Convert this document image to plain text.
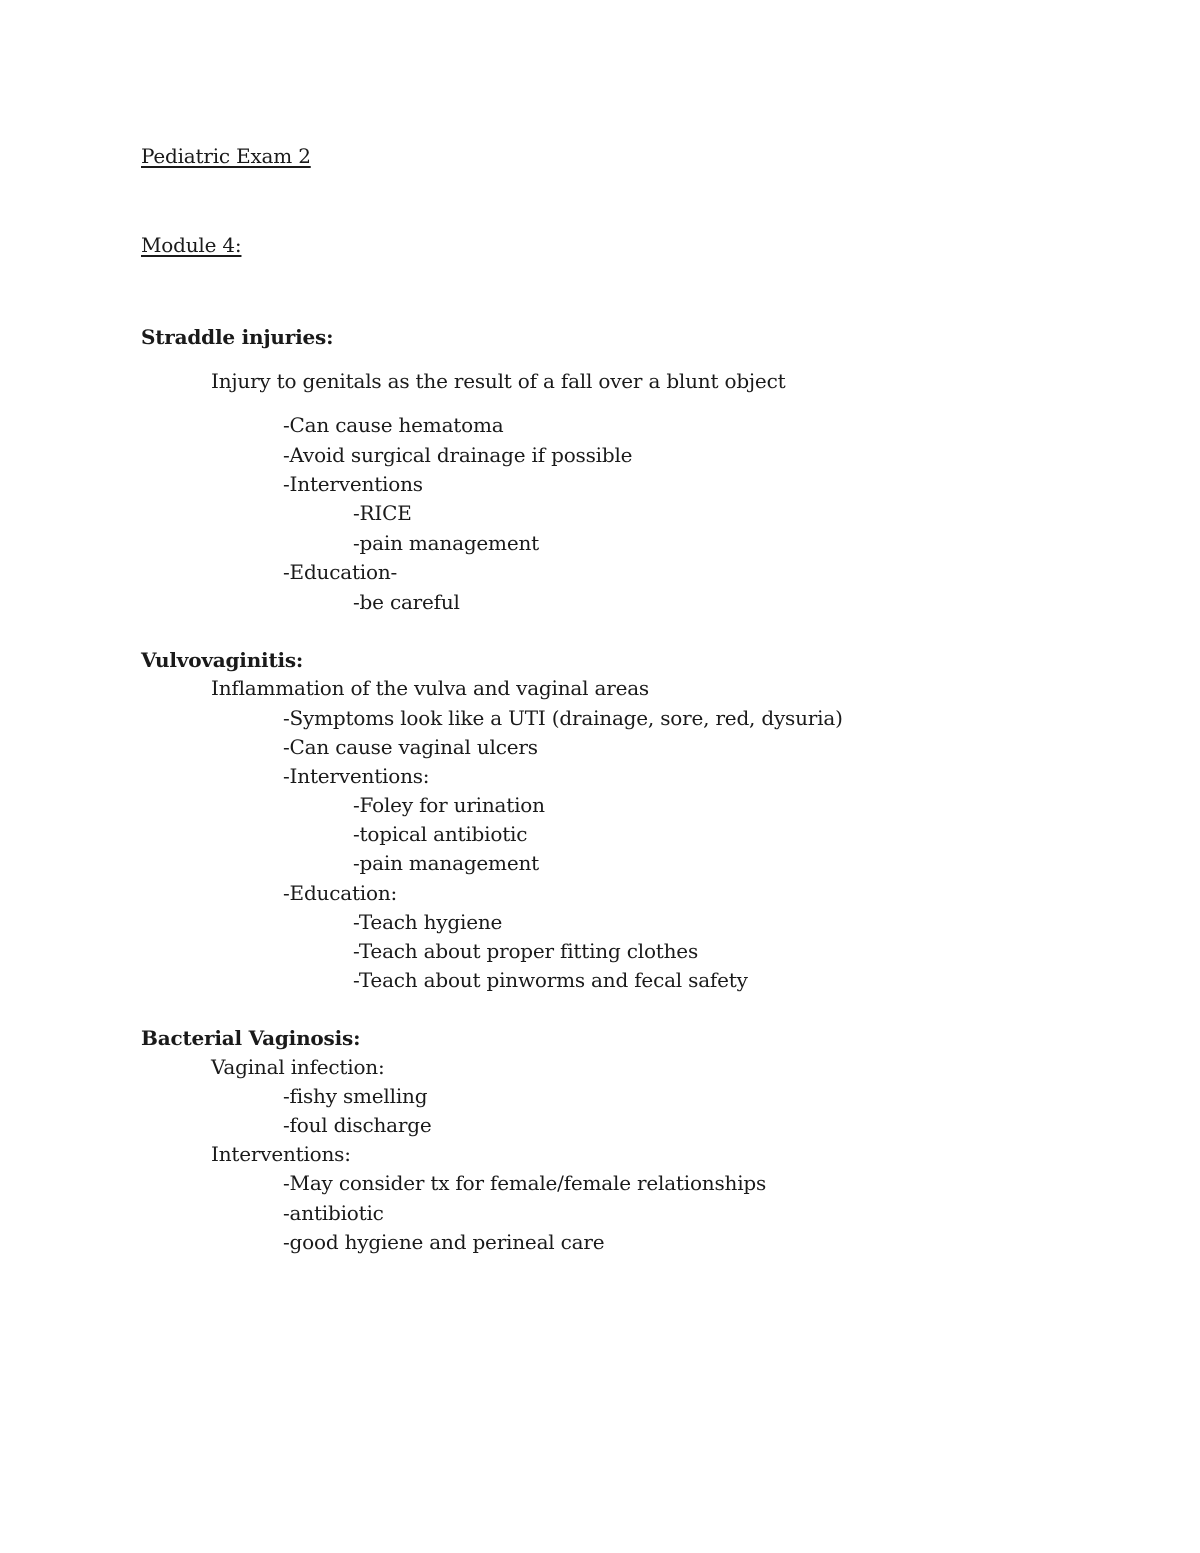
Pediatric Exam 2
Module 4:
Straddle injuries:
Injury to genitals as the result of a fall over a blunt object
-Can cause hematoma
-Avoid surgical drainage if possible
-Interventions
-RICE
-pain management
-Education-
-be careful
Vulvovaginitis:
Inflammation of the vulva and vaginal areas
-Symptoms look like a UTI (drainage, sore, red, dysuria)
-Can cause vaginal ulcers
-Interventions:
-Foley for urination
-topical antibiotic
-pain management
-Education:
-Teach hygiene
-Teach about proper fitting clothes
-Teach about pinworms and fecal safety
Bacterial Vaginosis:
Vaginal infection:
-fishy smelling
-foul discharge
Interventions:
-May consider tx for female/female relationships
-antibiotic
-good hygiene and perineal care
